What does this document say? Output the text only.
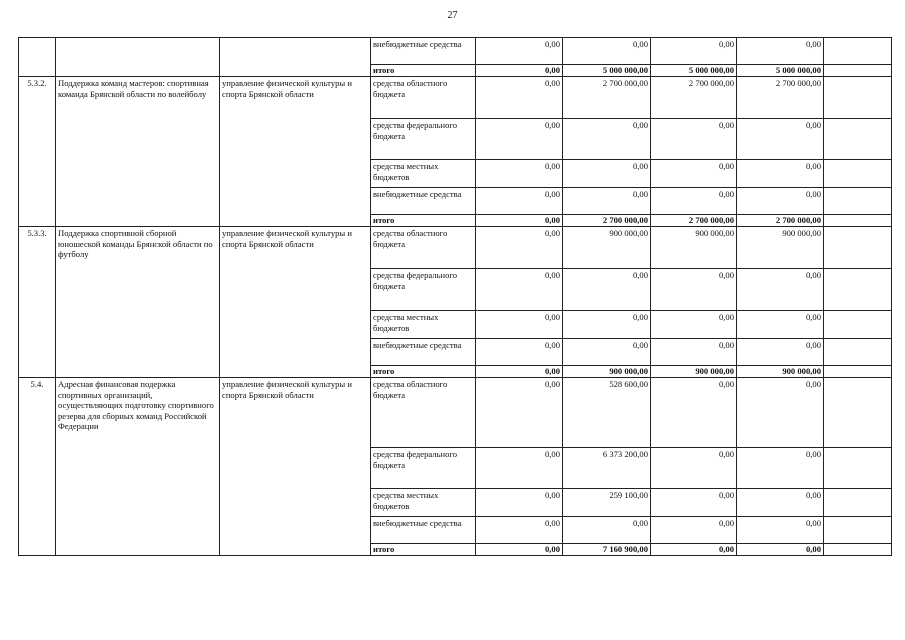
27
			внебюджетные средства	0,00	0,00	0,00	0,00	
			итого	0,00	5 000 000,00	5 000 000,00	5 000 000,00	
5.3.2.	Поддержка команд мастеров: спортивная команда Брянской области по волейболу	управление физической культуры и спорта Брянской области	средства областного бюджета	0,00	2 700 000,00	2 700 000,00	2 700 000,00	
			средства федерального бюджета	0,00	0,00	0,00	0,00	
			средства местных бюджетов	0,00	0,00	0,00	0,00	
			внебюджетные средства	0,00	0,00	0,00	0,00	
			итого	0,00	2 700 000,00	2 700 000,00	2 700 000,00	
5.3.3.	Поддержка спортивной сборной юношеской команды Брянской области по футболу	управление физической культуры и спорта Брянской области	средства областного бюджета	0,00	900 000,00	900 000,00	900 000,00	
			средства федерального бюджета	0,00	0,00	0,00	0,00	
			средства местных бюджетов	0,00	0,00	0,00	0,00	
			внебюджетные средства	0,00	0,00	0,00	0,00	
			итого	0,00	900 000,00	900 000,00	900 000,00	
5.4.	Адресная финансовая подержка спортивных организаций, осуществляющих подготовку спортивного резерва для сборных команд Российской Федерации	управление физической культуры и спорта Брянской области	средства областного бюджета	0,00	528 600,00	0,00	0,00	
			средства федерального бюджета	0,00	6 373 200,00	0,00	0,00	
			средства местных бюджетов	0,00	259 100,00	0,00	0,00	
			внебюджетные средства	0,00	0,00	0,00	0,00	
			итого	0,00	7 160 900,00	0,00	0,00	
